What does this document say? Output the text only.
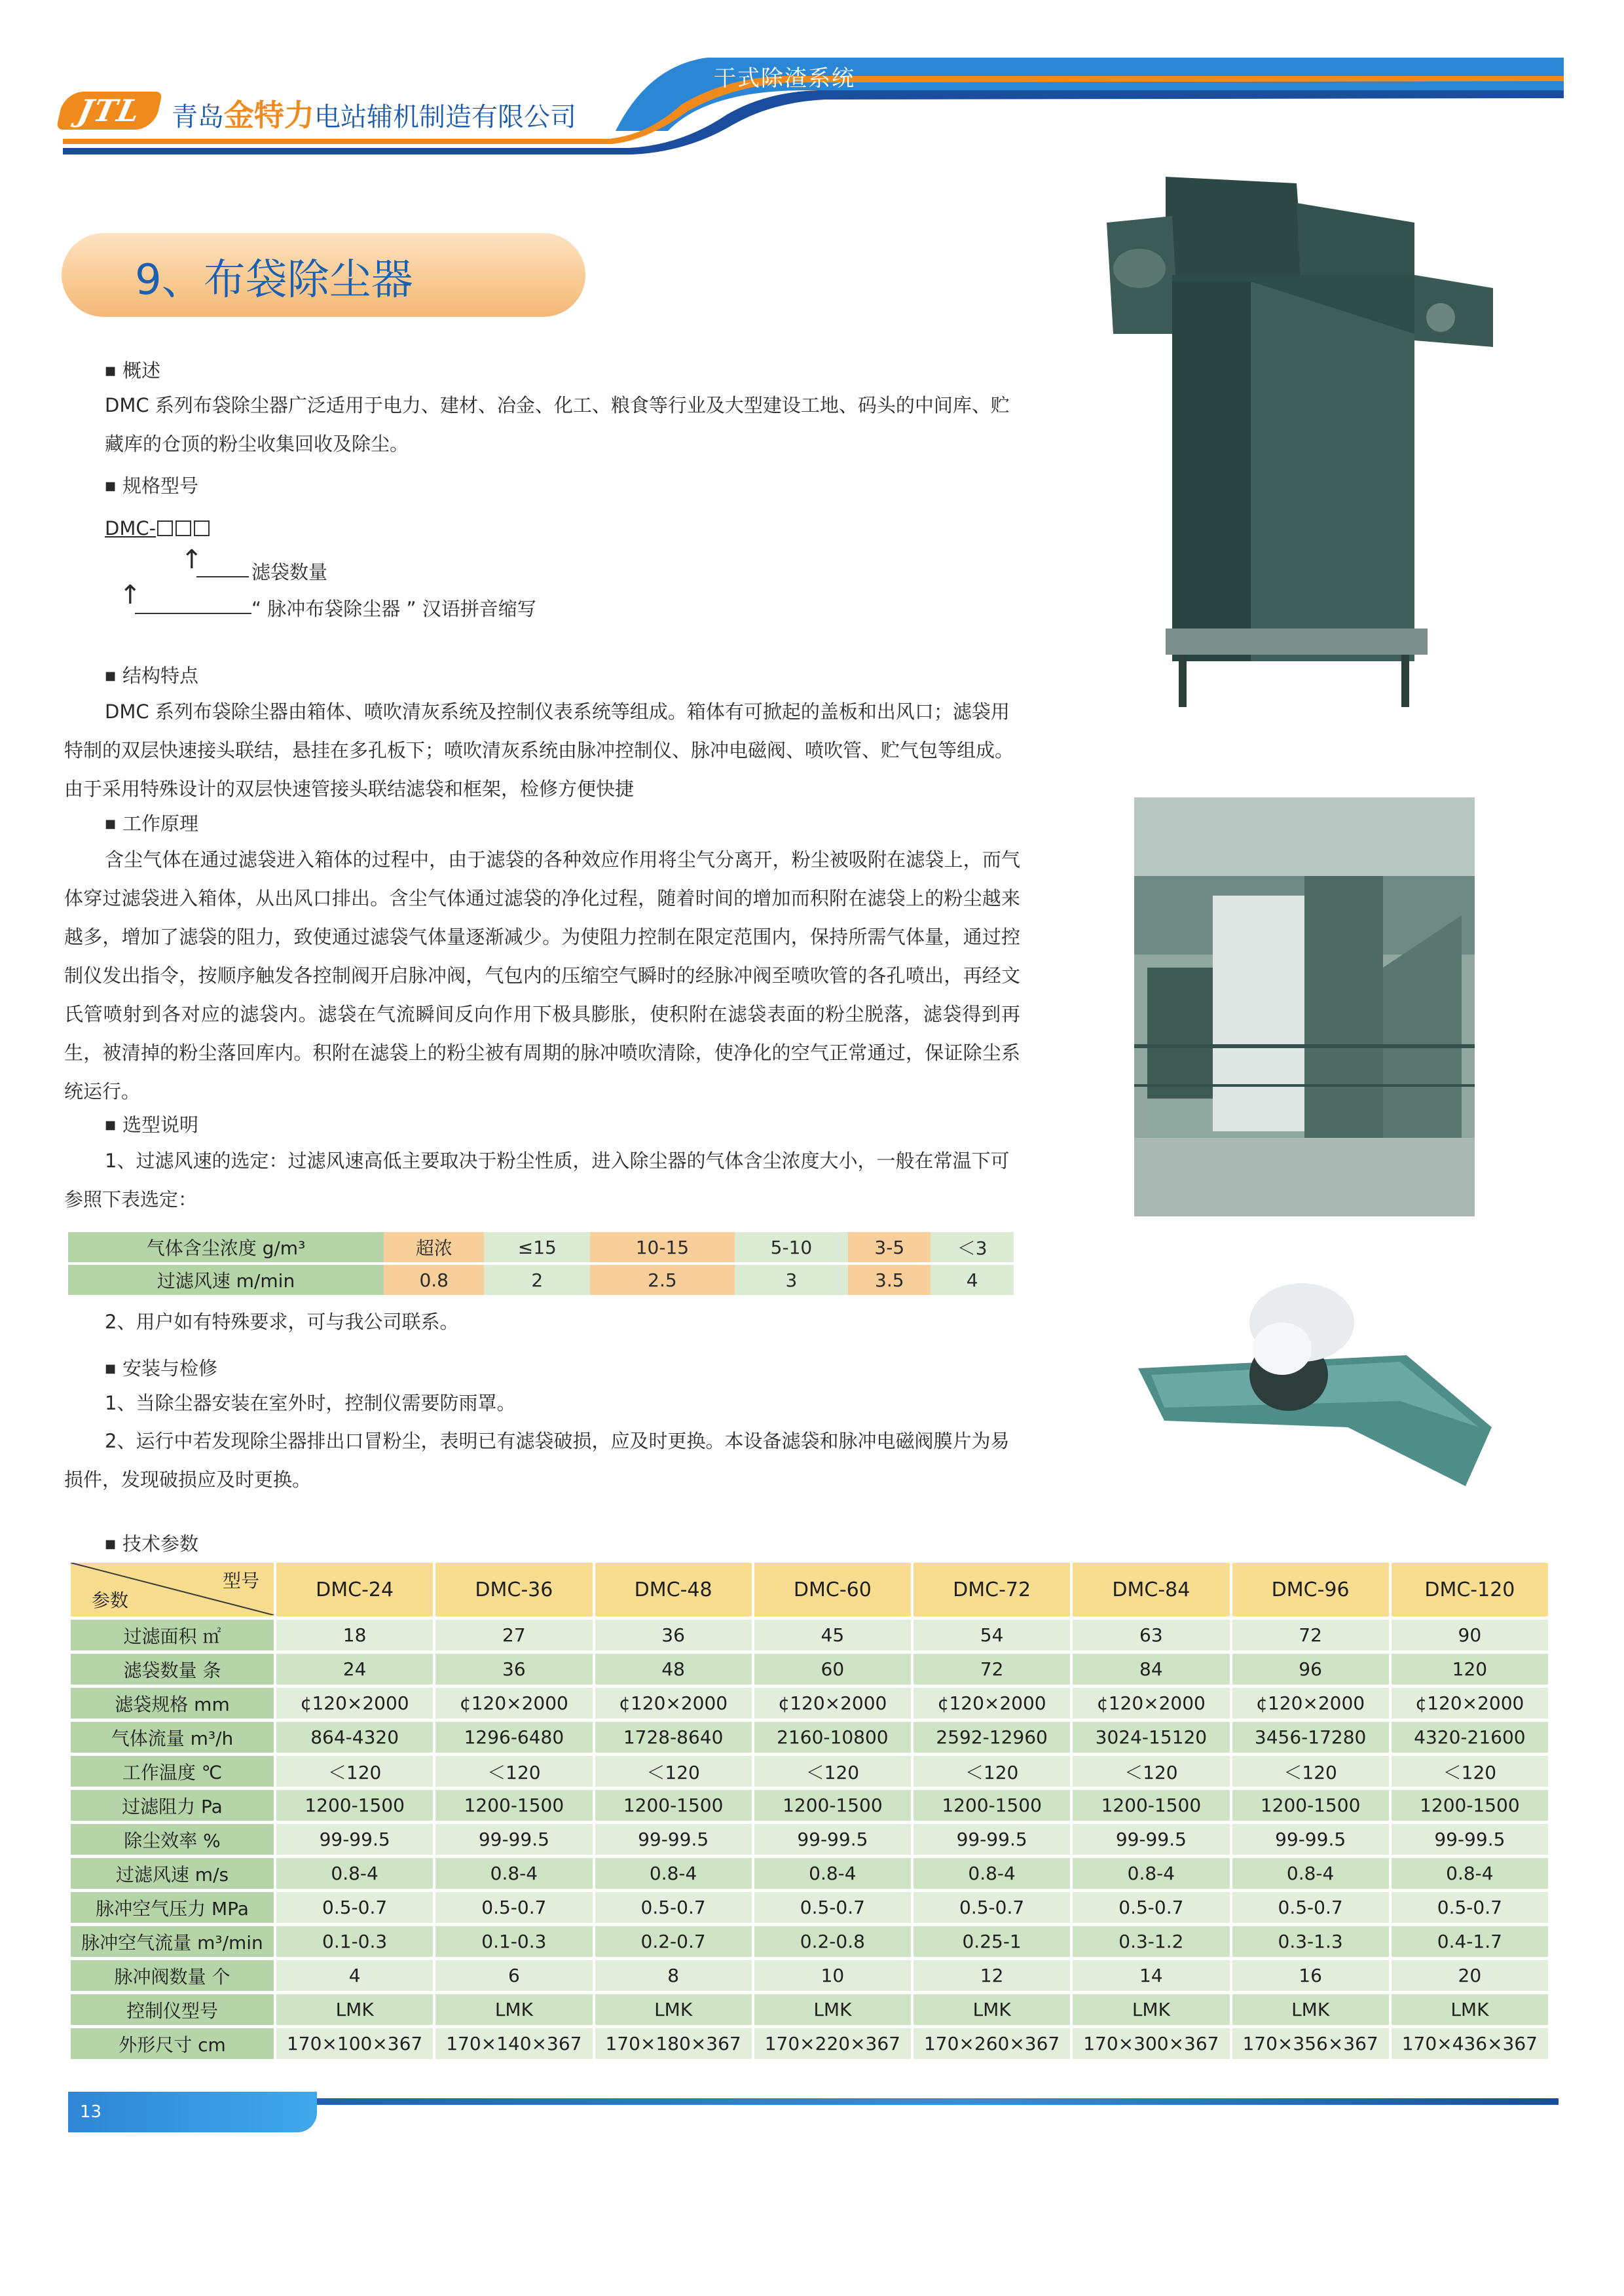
JTL 青岛金特力电站辅机制造有限公司
干式除渣系统
9、布袋除尘器
■ 概述
DMC 系列布袋除尘器广泛适用于电力、建材、冶金、化工、粮食等行业及大型建设工地、码头的中间库、贮藏库的仓顶的粉尘收集回收及除尘。
■ 规格型号
DMC-
↑	滤袋数量
↑	“ 脉冲布袋除尘器 ” 汉语拼音缩写
■ 结构特点
DMC 系列布袋除尘器由箱体、喷吹清灰系统及控制仪表系统等组成。箱体有可掀起的盖板和出风口；滤袋用特制的双层快速接头联结，悬挂在多孔板下；喷吹清灰系统由脉冲控制仪、脉冲电磁阀、喷吹管、贮气包等组成。由于采用特殊设计的双层快速管接头联结滤袋和框架，检修方便快捷
■ 工作原理
含尘气体在通过滤袋进入箱体的过程中，由于滤袋的各种效应作用将尘气分离开，粉尘被吸附在滤袋上，而气体穿过滤袋进入箱体，从出风口排出。含尘气体通过滤袋的净化过程，随着时间的增加而积附在滤袋上的粉尘越来越多，增加了滤袋的阻力，致使通过滤袋气体量逐渐减少。为使阻力控制在限定范围内，保持所需气体量，通过控制仪发出指令，按顺序触发各控制阀开启脉冲阀，气包内的压缩空气瞬时的经脉冲阀至喷吹管的各孔喷出，再经文氏管喷射到各对应的滤袋内。滤袋在气流瞬间反向作用下极具膨胀，使积附在滤袋表面的粉尘脱落，滤袋得到再生，被清掉的粉尘落回库内。积附在滤袋上的粉尘被有周期的脉冲喷吹清除，使净化的空气正常通过，保证除尘系统运行。
■ 选型说明
1、过滤风速的选定：过滤风速高低主要取决于粉尘性质，进入除尘器的气体含尘浓度大小，一般在常温下可参照下表选定：
气体含尘浓度 g/m³	超浓	≤15	10-15	5-10	3-5	＜3
过滤风速 m/min	0.8	2	2.5	3	3.5	4
2、用户如有特殊要求，可与我公司联系。
■ 安装与检修
1、当除尘器安装在室外时，控制仪需要防雨罩。
2、运行中若发现除尘器排出口冒粉尘，表明已有滤袋破损，应及时更换。本设备滤袋和脉冲电磁阀膜片为易损件，发现破损应及时更换。
■ 技术参数
型号
参数	DMC-24	DMC-36	DMC-48	DMC-60	DMC-72	DMC-84	DMC-96	DMC-120
过滤面积 ㎡	18	27	36	45	54	63	72	90
滤袋数量 条	24	36	48	60	72	84	96	120
滤袋规格 mm	¢120×2000	¢120×2000	¢120×2000	¢120×2000	¢120×2000	¢120×2000	¢120×2000	¢120×2000
气体流量 m³/h	864-4320	1296-6480	1728-8640	2160-10800	2592-12960	3024-15120	3456-17280	4320-21600
工作温度 ℃	＜120	＜120	＜120	＜120	＜120	＜120	＜120	＜120
过滤阻力 Pa	1200-1500	1200-1500	1200-1500	1200-1500	1200-1500	1200-1500	1200-1500	1200-1500
除尘效率 %	99-99.5	99-99.5	99-99.5	99-99.5	99-99.5	99-99.5	99-99.5	99-99.5
过滤风速 m/s	0.8-4	0.8-4	0.8-4	0.8-4	0.8-4	0.8-4	0.8-4	0.8-4
脉冲空气压力 MPa	0.5-0.7	0.5-0.7	0.5-0.7	0.5-0.7	0.5-0.7	0.5-0.7	0.5-0.7	0.5-0.7
脉冲空气流量 m³/min	0.1-0.3	0.1-0.3	0.2-0.7	0.2-0.8	0.25-1	0.3-1.2	0.3-1.3	0.4-1.7
脉冲阀数量 个	4	6	8	10	12	14	16	20
控制仪型号	LMK	LMK	LMK	LMK	LMK	LMK	LMK	LMK
外形尺寸 cm	170×100×367	170×140×367	170×180×367	170×220×367	170×260×367	170×300×367	170×356×367	170×436×367
13
